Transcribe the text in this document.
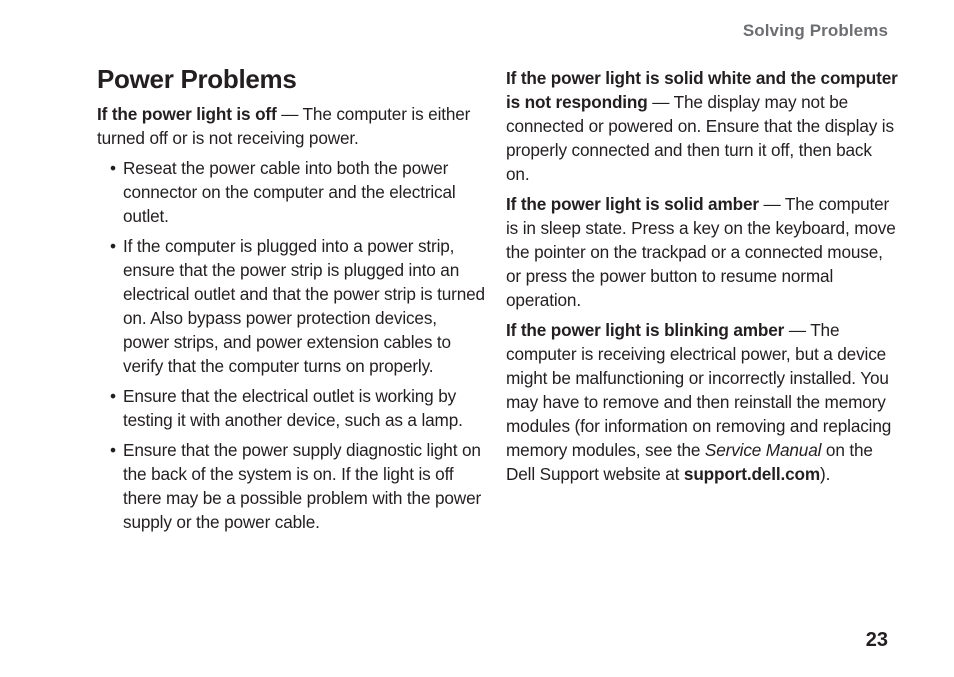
Solving Problems
Power Problems

If the power light is off — The computer is either turned off or is not receiving power.

• Reseat the power cable into both the power connector on the computer and the electrical outlet.
• If the computer is plugged into a power strip, ensure that the power strip is plugged into an electrical outlet and that the power strip is turned on. Also bypass power protection devices, power strips, and power extension cables to verify that the computer turns on properly.
• Ensure that the electrical outlet is working by testing it with another device, such as a lamp.
• Ensure that the power supply diagnostic light on the back of the system is on. If the light is off there may be a possible problem with the power supply or the power cable.

If the power light is solid white and the computer is not responding — The display may not be connected or powered on. Ensure that the display is properly connected and then turn it off, then back on.

If the power light is solid amber — The computer is in sleep state. Press a key on the keyboard, move the pointer on the trackpad or a connected mouse, or press the power button to resume normal operation.

If the power light is blinking amber — The computer is receiving electrical power, but a device might be malfunctioning or incorrectly installed. You may have to remove and then reinstall the memory modules (for information on removing and replacing memory modules, see the Service Manual on the Dell Support website at support.dell.com).

23
